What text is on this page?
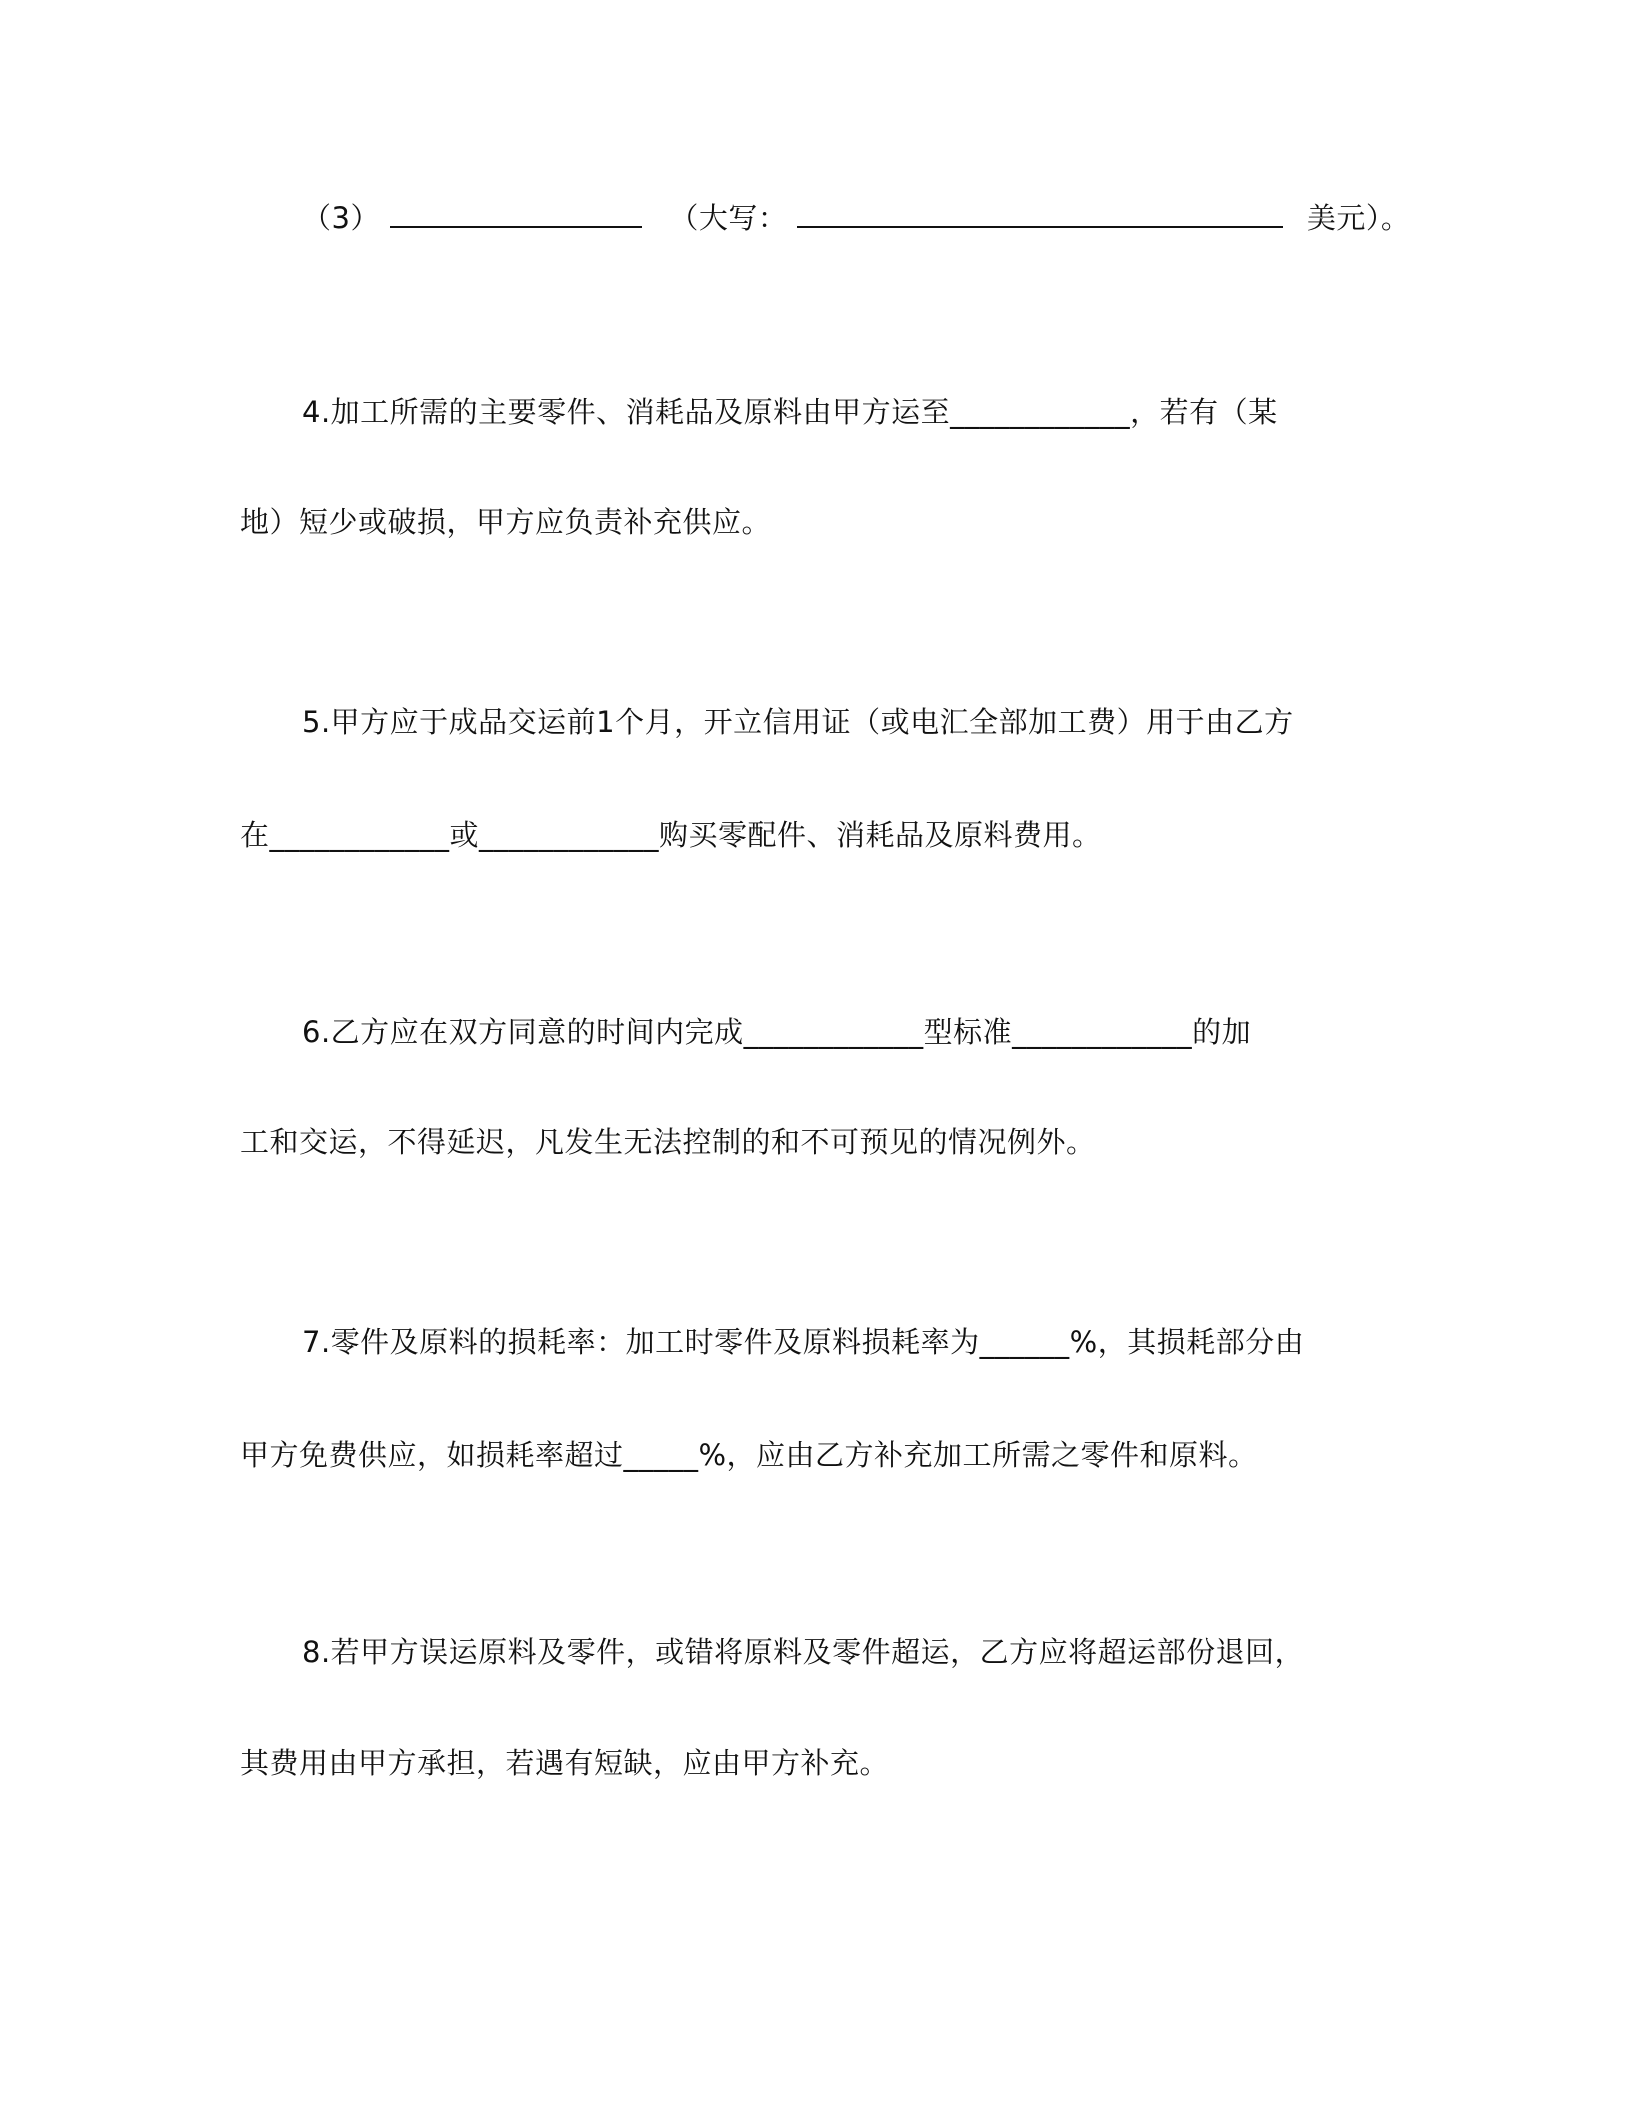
（3）	（大写：	美元）。
4.加工所需的主要零件、消耗品及原料由甲方运至____________，若有（某
地）短少或破损，甲方应负责补充供应。
5.甲方应于成品交运前1个月，开立信用证（或电汇全部加工费）用于由乙方
在____________或____________购买零配件、消耗品及原料费用。
6.乙方应在双方同意的时间内完成____________型标准____________的加
工和交运，不得延迟，凡发生无法控制的和不可预见的情况例外。
7.零件及原料的损耗率：加工时零件及原料损耗率为______%，其损耗部分由
甲方免费供应，如损耗率超过_____%，应由乙方补充加工所需之零件和原料。
8.若甲方误运原料及零件，或错将原料及零件超运，乙方应将超运部份退回，
其费用由甲方承担，若遇有短缺，应由甲方补充。
